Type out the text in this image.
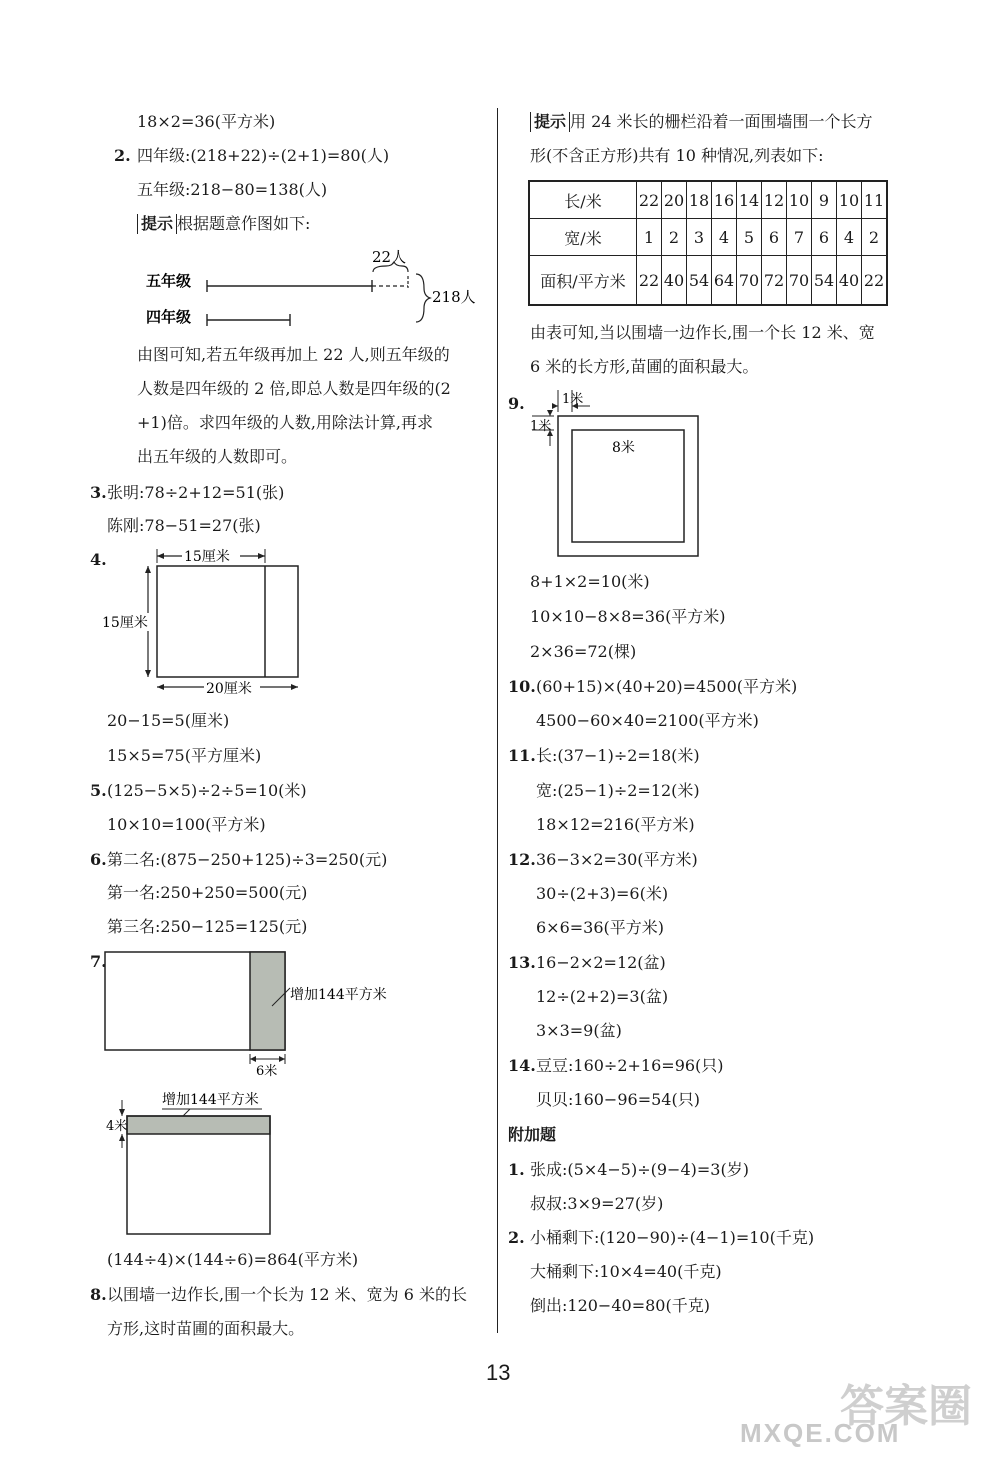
18×2=36(平方米)
2. 四年级:(218+22)÷(2+1)=80(人)
五年级:218−80=138(人)
提示 根据题意作图如下:
五年级
四年级
22人
218人
由图可知,若五年级再加上 22 人,则五年级的
人数是四年级的 2 倍,即总人数是四年级的(2
+1)倍。求四年级的人数,用除法计算,再求
出五年级的人数即可。
3. 张明:78÷2+12=51(张)
陈刚:78−51=27(张)
4.	15厘米
15厘米
20厘米
20−15=5(厘米)
15×5=75(平方厘米)
5. (125−5×5)÷2÷5=10(米)
10×10=100(平方米)
6. 第二名:(875−250+125)÷3=250(元)
第一名:250+250=500(元)
第三名:250−125=125(元)
7.
增加144平方米
6米
增加144平方米
4米
(144÷4)×(144÷6)=864(平方米)
8. 以围墙一边作长,围一个长为 12 米、宽为 6 米的长
方形,这时苗圃的面积最大。
提示 用 24 米长的栅栏沿着一面围墙围一个长方
形(不含正方形)共有 10 种情况,列表如下:
长/米	22	20	18	16	14	12	10	9	10	11
宽/米	1	2	3	4	5	6	7	6	4	2
面积/平方米	22	40	54	64	70	72	70	54	40	22
由表可知,当以围墙一边作长,围一个长 12 米、宽
6 米的长方形,苗圃的面积最大。
9.
8米
1米
1米
8+1×2=10(米)
10×10−8×8=36(平方米)
2×36=72(棵)
10. (60+15)×(40+20)=4500(平方米)
4500−60×40=2100(平方米)
11. 长:(37−1)÷2=18(米)
宽:(25−1)÷2=12(米)
18×12=216(平方米)
12. 36−3×2=30(平方米)
30÷(2+3)=6(米)
6×6=36(平方米)
13. 16−2×2=12(盆)
12÷(2+2)=3(盆)
3×3=9(盆)
14. 豆豆:160÷2+16=96(只)
贝贝:160−96=54(只)
附加题
1. 张成:(5×4−5)÷(9−4)=3(岁)
叔叔:3×9=27(岁)
2. 小桶剩下:(120−90)÷(4−1)=10(千克)
大桶剩下:10×4=40(千克)
倒出:120−40=80(千克)
13
答案圈
MXQE.COM
